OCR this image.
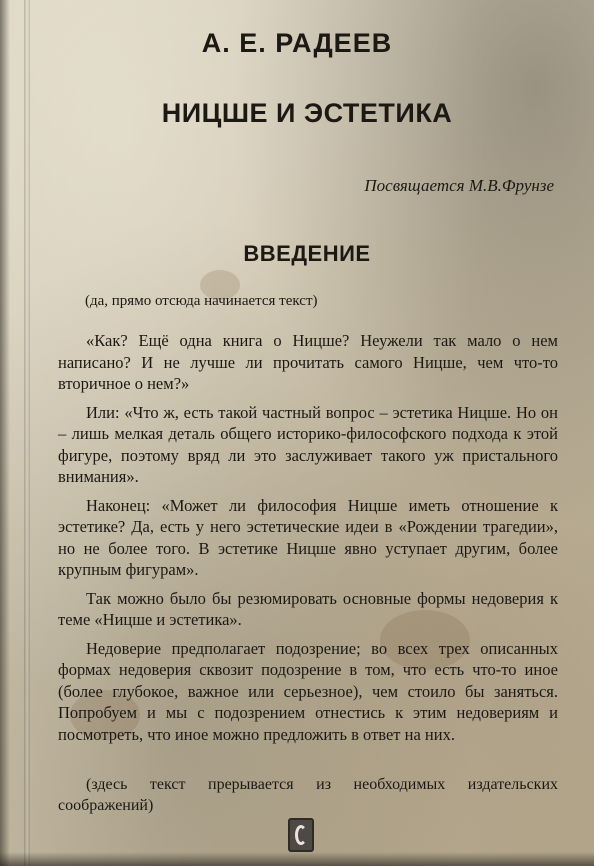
А. Е. РАДЕЕВ
НИЦШЕ И ЭСТЕТИКА
Посвящается М.В.Фрунзе
ВВЕДЕНИЕ
(да, прямо отсюда начинается текст)

«Как? Ещё одна книга о Ницше? Неужели так мало о нем написано? И не лучше ли прочитать самого Ницше, чем что-то вторичное о нем?»

Или: «Что ж, есть такой частный вопрос – эстетика Ницше. Но он – лишь мелкая деталь общего историко-философского подхода к этой фигуре, поэтому вряд ли это заслуживает такого уж пристального внимания».

Наконец: «Может ли философия Ницше иметь отношение к эстетике? Да, есть у него эстетические идеи в «Рождении трагедии», но не более того. В эстетике Ницше явно уступает другим, более крупным фигурам».

Так можно было бы резюмировать основные формы недоверия к теме «Ницше и эстетика».

Недоверие предполагает подозрение; во всех трех описанных формах недоверия сквозит подозрение в том, что есть что-то иное (более глубокое, важное или серьезное), чем стоило бы заняться. Попробуем и мы с подозрением отнестись к этим недовериям и посмотреть, что иное можно предложить в ответ на них.

(здесь текст прерывается из необходимых издательских соображений)
